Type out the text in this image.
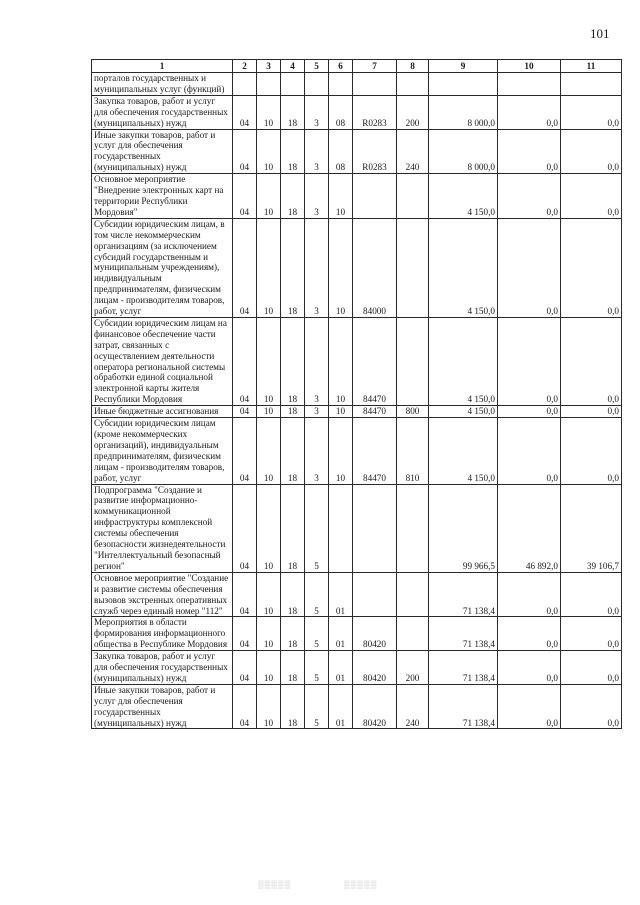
101
1	2	3	4	5	6	7	8	9	10	11
порталов государственных и муниципальных услуг (функций)										
Закупка товаров, работ и услуг для обеспечения государственных (муниципальных) нужд	04	10	18	3	08	R0283	200	8 000,0	0,0	0,0
Иные закупки товаров, работ и услуг для обеспечения государственных (муниципальных) нужд	04	10	18	3	08	R0283	240	8 000,0	0,0	0,0
Основное мероприятие "Внедрение электронных карт на территории Республики Мордовия"	04	10	18	3	10			4 150,0	0,0	0,0
Субсидии юридическим лицам, в том числе некоммерческим организациям (за исключением субсидий государственным и муниципальным учреждениям), индивидуальным предпринимателям, физическим лицам - производителям товаров, работ, услуг	04	10	18	3	10	84000		4 150,0	0,0	0,0
Субсидии юридическим лицам на финансовое обеспечение части затрат, связанных с осуществлением деятельности оператора региональной системы обработки единой социальной электронной карты жителя Республики Мордовия	04	10	18	3	10	84470		4 150,0	0,0	0,0
Иные бюджетные ассигнования	04	10	18	3	10	84470	800	4 150,0	0,0	0,0
Субсидии юридическим лицам (кроме некоммерческих организаций), индивидуальным предпринимателям, физическим лицам - производителям товаров, работ, услуг	04	10	18	3	10	84470	810	4 150,0	0,0	0,0
Подпрограмма "Создание и развитие информационно-коммуникационной инфраструктуры комплексной системы обеспечения безопасности жизнедеятельности "Интеллектуальный безопасный регион"	04	10	18	5				99 966,5	46 892,0	39 106,7
Основное мероприятие "Создание и развитие системы обеспечения вызовов экстренных оперативных служб через единый номер "112"	04	10	18	5	01			71 138,4	0,0	0,0
Мероприятия в области формирования информационного общества в Республике Мордовия	04	10	18	5	01	80420		71 138,4	0,0	0,0
Закупка товаров, работ и услуг для обеспечения государственных (муниципальных) нужд	04	10	18	5	01	80420	200	71 138,4	0,0	0,0
Иные закупки товаров, работ и услуг для обеспечения государственных (муниципальных) нужд	04	10	18	5	01	80420	240	71 138,4	0,0	0,0
▒▒▒▒▒	▒▒▒▒▒
